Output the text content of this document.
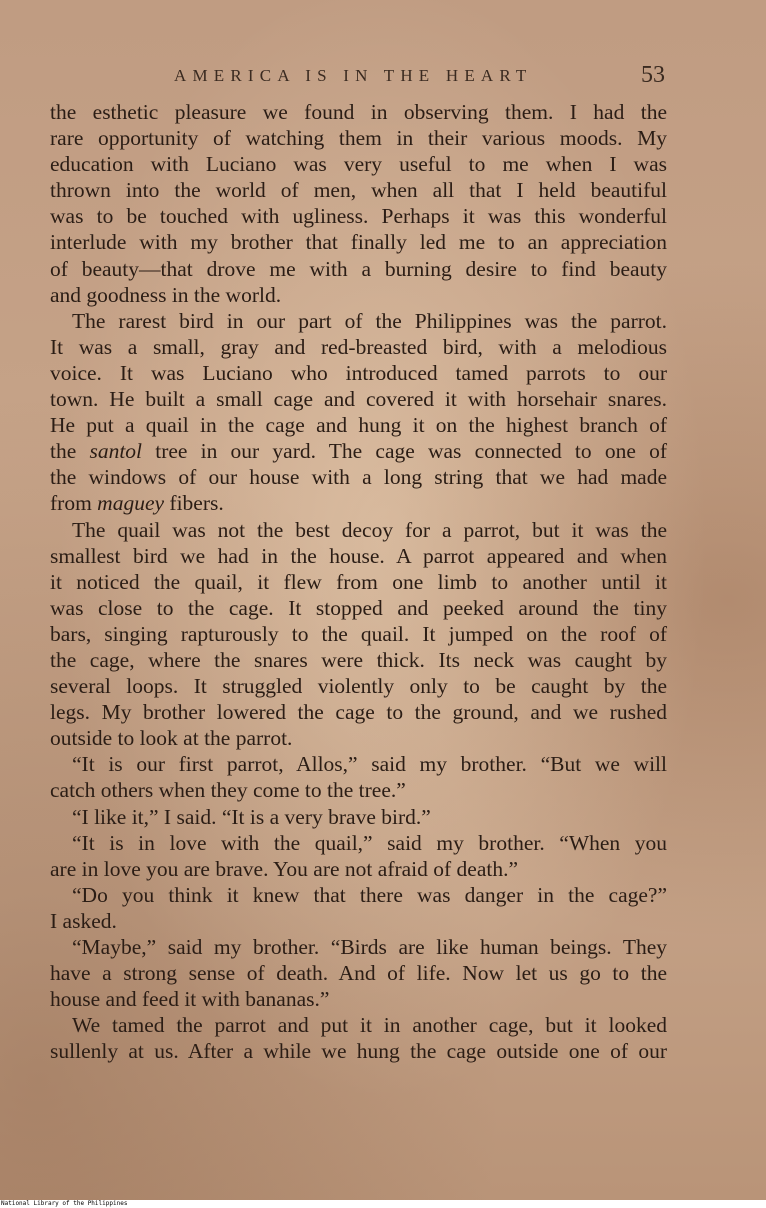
AMERICA IS IN THE HEART	53
the esthetic pleasure we found in observing them. I had the
rare opportunity of watching them in their various moods. My
education with Luciano was very useful to me when I was
thrown into the world of men, when all that I held beautiful
was to be touched with ugliness. Perhaps it was this wonderful
interlude with my brother that finally led me to an appreciation
of beauty—that drove me with a burning desire to find beauty
and goodness in the world.
The rarest bird in our part of the Philippines was the parrot.
It was a small, gray and red-breasted bird, with a melodious
voice. It was Luciano who introduced tamed parrots to our
town. He built a small cage and covered it with horsehair snares.
He put a quail in the cage and hung it on the highest branch of
the santol tree in our yard. The cage was connected to one of
the windows of our house with a long string that we had made
from maguey fibers.
The quail was not the best decoy for a parrot, but it was the
smallest bird we had in the house. A parrot appeared and when
it noticed the quail, it flew from one limb to another until it
was close to the cage. It stopped and peeked around the tiny
bars, singing rapturously to the quail. It jumped on the roof of
the cage, where the snares were thick. Its neck was caught by
several loops. It struggled violently only to be caught by the
legs. My brother lowered the cage to the ground, and we rushed
outside to look at the parrot.
“It is our first parrot, Allos,” said my brother. “But we will
catch others when they come to the tree.”
“I like it,” I said. “It is a very brave bird.”
“It is in love with the quail,” said my brother. “When you
are in love you are brave. You are not afraid of death.”
“Do you think it knew that there was danger in the cage?”
I asked.
“Maybe,” said my brother. “Birds are like human beings. They
have a strong sense of death. And of life. Now let us go to the
house and feed it with bananas.”
We tamed the parrot and put it in another cage, but it looked
sullenly at us. After a while we hung the cage outside one of our
National Library of the Philippines
